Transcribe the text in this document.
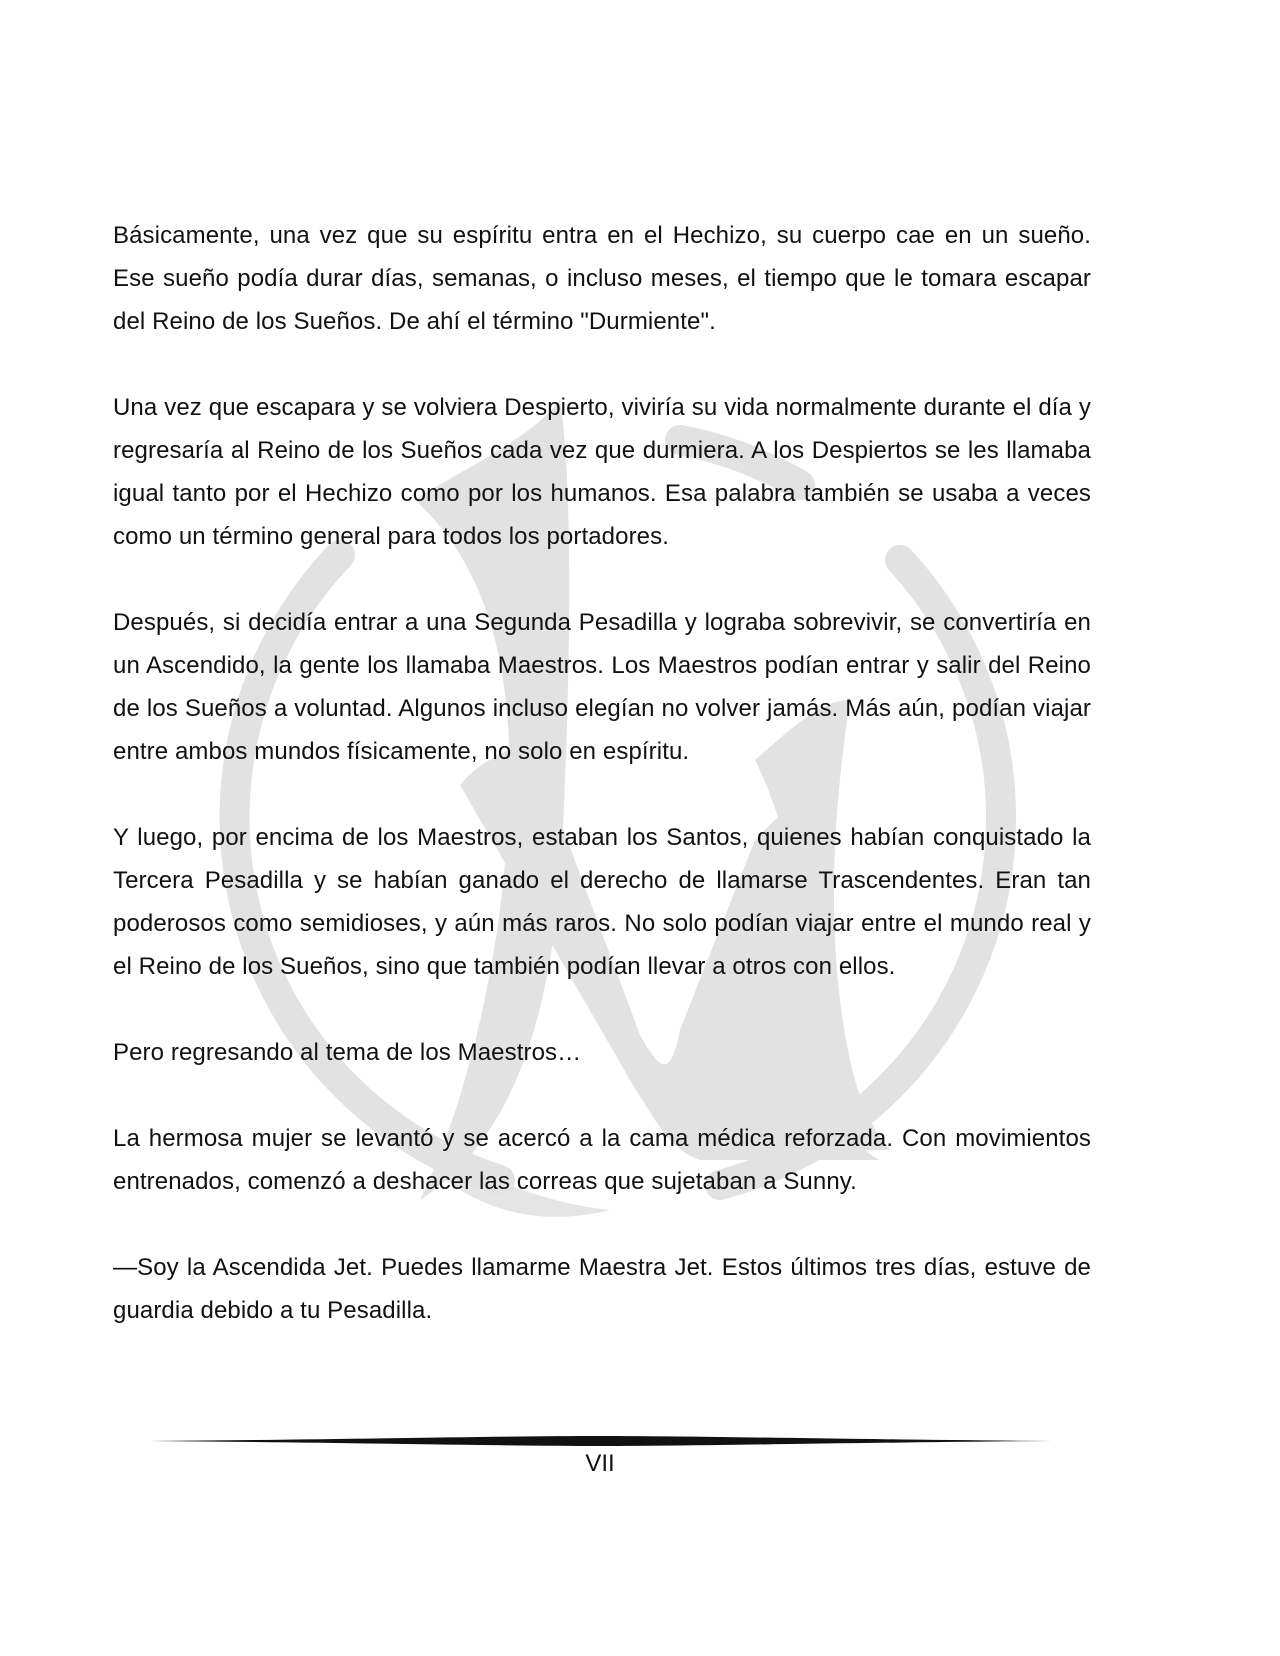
Básicamente, una vez que su espíritu entra en el Hechizo, su cuerpo cae en un sueño. Ese sueño podía durar días, semanas, o incluso meses, el tiempo que le tomara escapar del Reino de los Sueños. De ahí el término "Durmiente".

Una vez que escapara y se volviera Despierto, viviría su vida normalmente durante el día y regresaría al Reino de los Sueños cada vez que durmiera. A los Despiertos se les llamaba igual tanto por el Hechizo como por los humanos. Esa palabra también se usaba a veces como un término general para todos los portadores.

Después, si decidía entrar a una Segunda Pesadilla y lograba sobrevivir, se convertiría en un Ascendido, la gente los llamaba Maestros. Los Maestros podían entrar y salir del Reino de los Sueños a voluntad. Algunos incluso elegían no volver jamás. Más aún, podían viajar entre ambos mundos físicamente, no solo en espíritu.

Y luego, por encima de los Maestros, estaban los Santos, quienes habían conquistado la Tercera Pesadilla y se habían ganado el derecho de llamarse Trascendentes. Eran tan poderosos como semidioses, y aún más raros. No solo podían viajar entre el mundo real y el Reino de los Sueños, sino que también podían llevar a otros con ellos.

Pero regresando al tema de los Maestros…

La hermosa mujer se levantó y se acercó a la cama médica reforzada. Con movimientos entrenados, comenzó a deshacer las correas que sujetaban a Sunny.

—Soy la Ascendida Jet. Puedes llamarme Maestra Jet. Estos últimos tres días, estuve de guardia debido a tu Pesadilla.

VII
